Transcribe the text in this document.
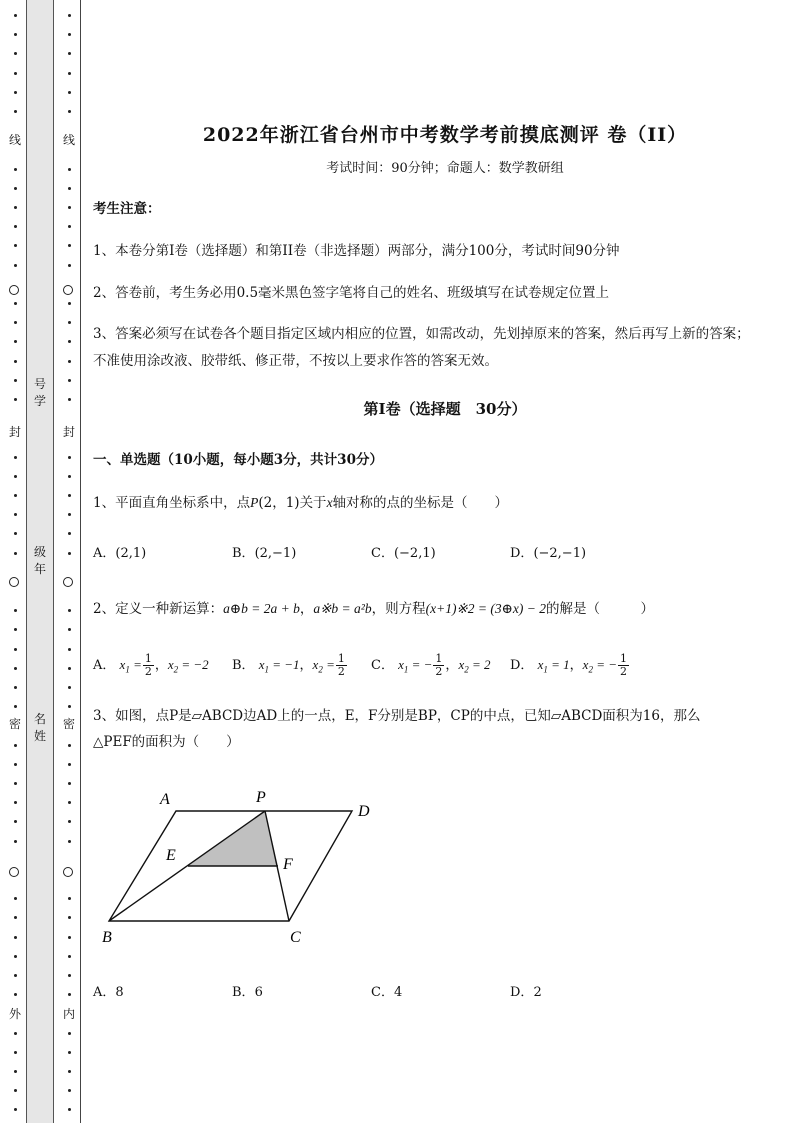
线
封
密
外
号学
级年
名姓
线
封
密
内
2022年浙江省台州市中考数学考前摸底测评 卷（II）
考试时间：90分钟；命题人：数学教研组
考生注意：
1、本卷分第I卷（选择题）和第II卷（非选择题）两部分，满分100分，考试时间90分钟
2、答卷前，考生务必用0.5毫米黑色签字笔将自己的姓名、班级填写在试卷规定位置上
3、答案必须写在试卷各个题目指定区域内相应的位置，如需改动，先划掉原来的答案，然后再写上新的答案；不准使用涂改液、胶带纸、修正带，不按以上要求作答的答案无效。
第I卷（选择题　30分）
一、单选题（10小题，每小题3分，共计30分）
1、平面直角坐标系中，点P(2，1)关于x轴对称的点的坐标是（　　）
A．(2,1)	B．(2,−1)	C．(−2,1)	D．(−2,−1)
2、定义一种新运算：a⊕b = 2a + b，a※b = a²b，则方程(x+1)※2 = (3⊕x) − 2的解是（　　　）
A． $x_1 = \frac{1}{2}$ ，$x_2 = -2$ B． $x_1 = -1$，$x_2 = \frac{1}{2}$ C． $x_1$ = − $\frac{1}{2}$ ，$x_2 = 2$ D． $x_1 = 1$，$x_2$ = − $\frac{1}{2}$
3、如图，点P是▱ABCD边AD上的一点，E，F分别是BP，CP的中点，已知▱ABCD面积为16，那么
△PEF的面积为（　　）
A	P
D
E
F
B	C
A．8	B．6	C．4	D．2
